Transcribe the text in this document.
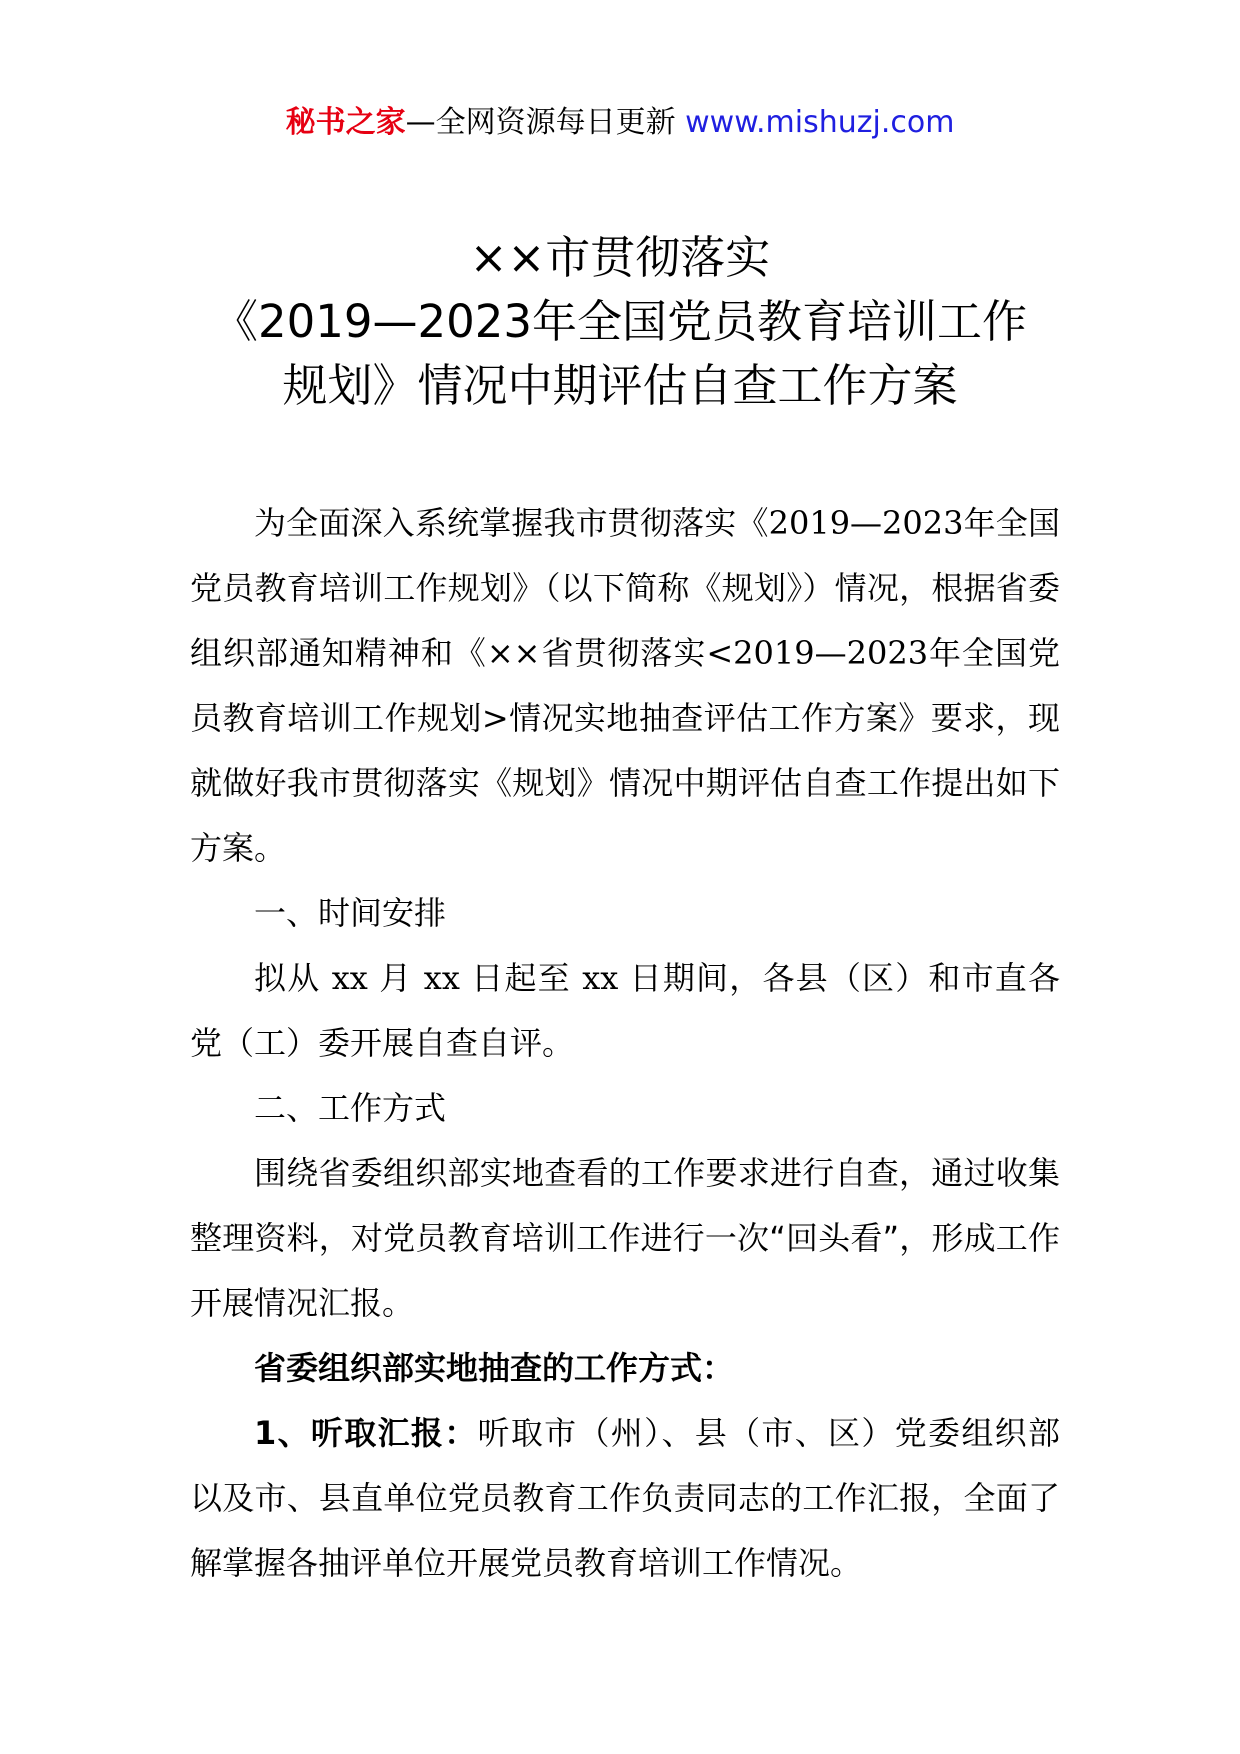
秘书之家—全网资源每日更新 www.mishuzj.com
××市贯彻落实
《2019—2023年全国党员教育培训工作
规划》情况中期评估自查工作方案

为全面深入系统掌握我市贯彻落实《2019—2023年全国党员教育培训工作规划》（以下简称《规划》）情况，根据省委组织部通知精神和《××省贯彻落实<2019—2023年全国党员教育培训工作规划>情况实地抽查评估工作方案》要求，现就做好我市贯彻落实《规划》情况中期评估自查工作提出如下方案。

一、时间安排

拟从 xx 月 xx 日起至 xx 日期间，各县（区）和市直各党（工）委开展自查自评。

二、工作方式

围绕省委组织部实地查看的工作要求进行自查，通过收集整理资料，对党员教育培训工作进行一次“回头看”，形成工作开展情况汇报。

省委组织部实地抽查的工作方式：

1、听取汇报：听取市（州）、县（市、区）党委组织部以及市、县直单位党员教育工作负责同志的工作汇报，全面了解掌握各抽评单位开展党员教育培训工作情况。
